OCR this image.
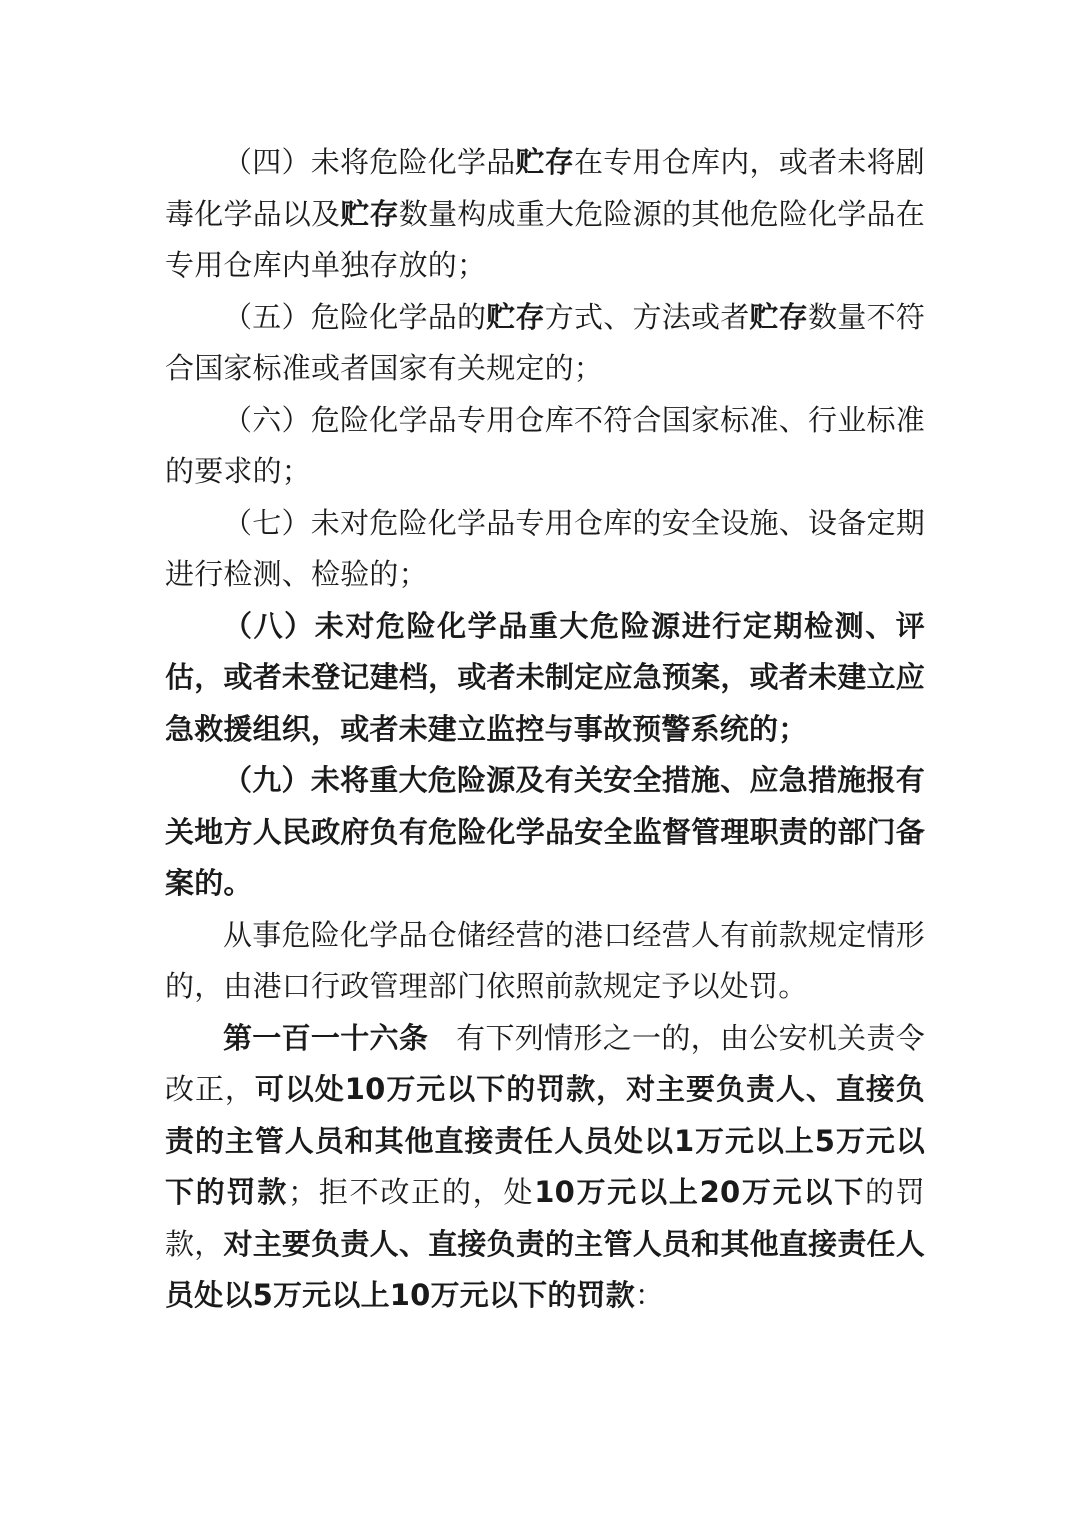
（四）未将危险化学品贮存在专用仓库内，或者未将剧毒化学品以及贮存数量构成重大危险源的其他危险化学品在专用仓库内单独存放的；

（五）危险化学品的贮存方式、方法或者贮存数量不符合国家标准或者国家有关规定的；

（六）危险化学品专用仓库不符合国家标准、行业标准的要求的；

（七）未对危险化学品专用仓库的安全设施、设备定期进行检测、检验的；

（八）未对危险化学品重大危险源进行定期检测、评估，或者未登记建档，或者未制定应急预案，或者未建立应急救援组织，或者未建立监控与事故预警系统的；

（九）未将重大危险源及有关安全措施、应急措施报有关地方人民政府负有危险化学品安全监督管理职责的部门备案的。

从事危险化学品仓储经营的港口经营人有前款规定情形的，由港口行政管理部门依照前款规定予以处罚。

第一百一十六条 有下列情形之一的，由公安机关责令改正，可以处10万元以下的罚款，对主要负责人、直接负责的主管人员和其他直接责任人员处以1万元以上5万元以下的罚款；拒不改正的，处10万元以上20万元以下的罚款，对主要负责人、直接负责的主管人员和其他直接责任人员处以5万元以上10万元以下的罚款：
